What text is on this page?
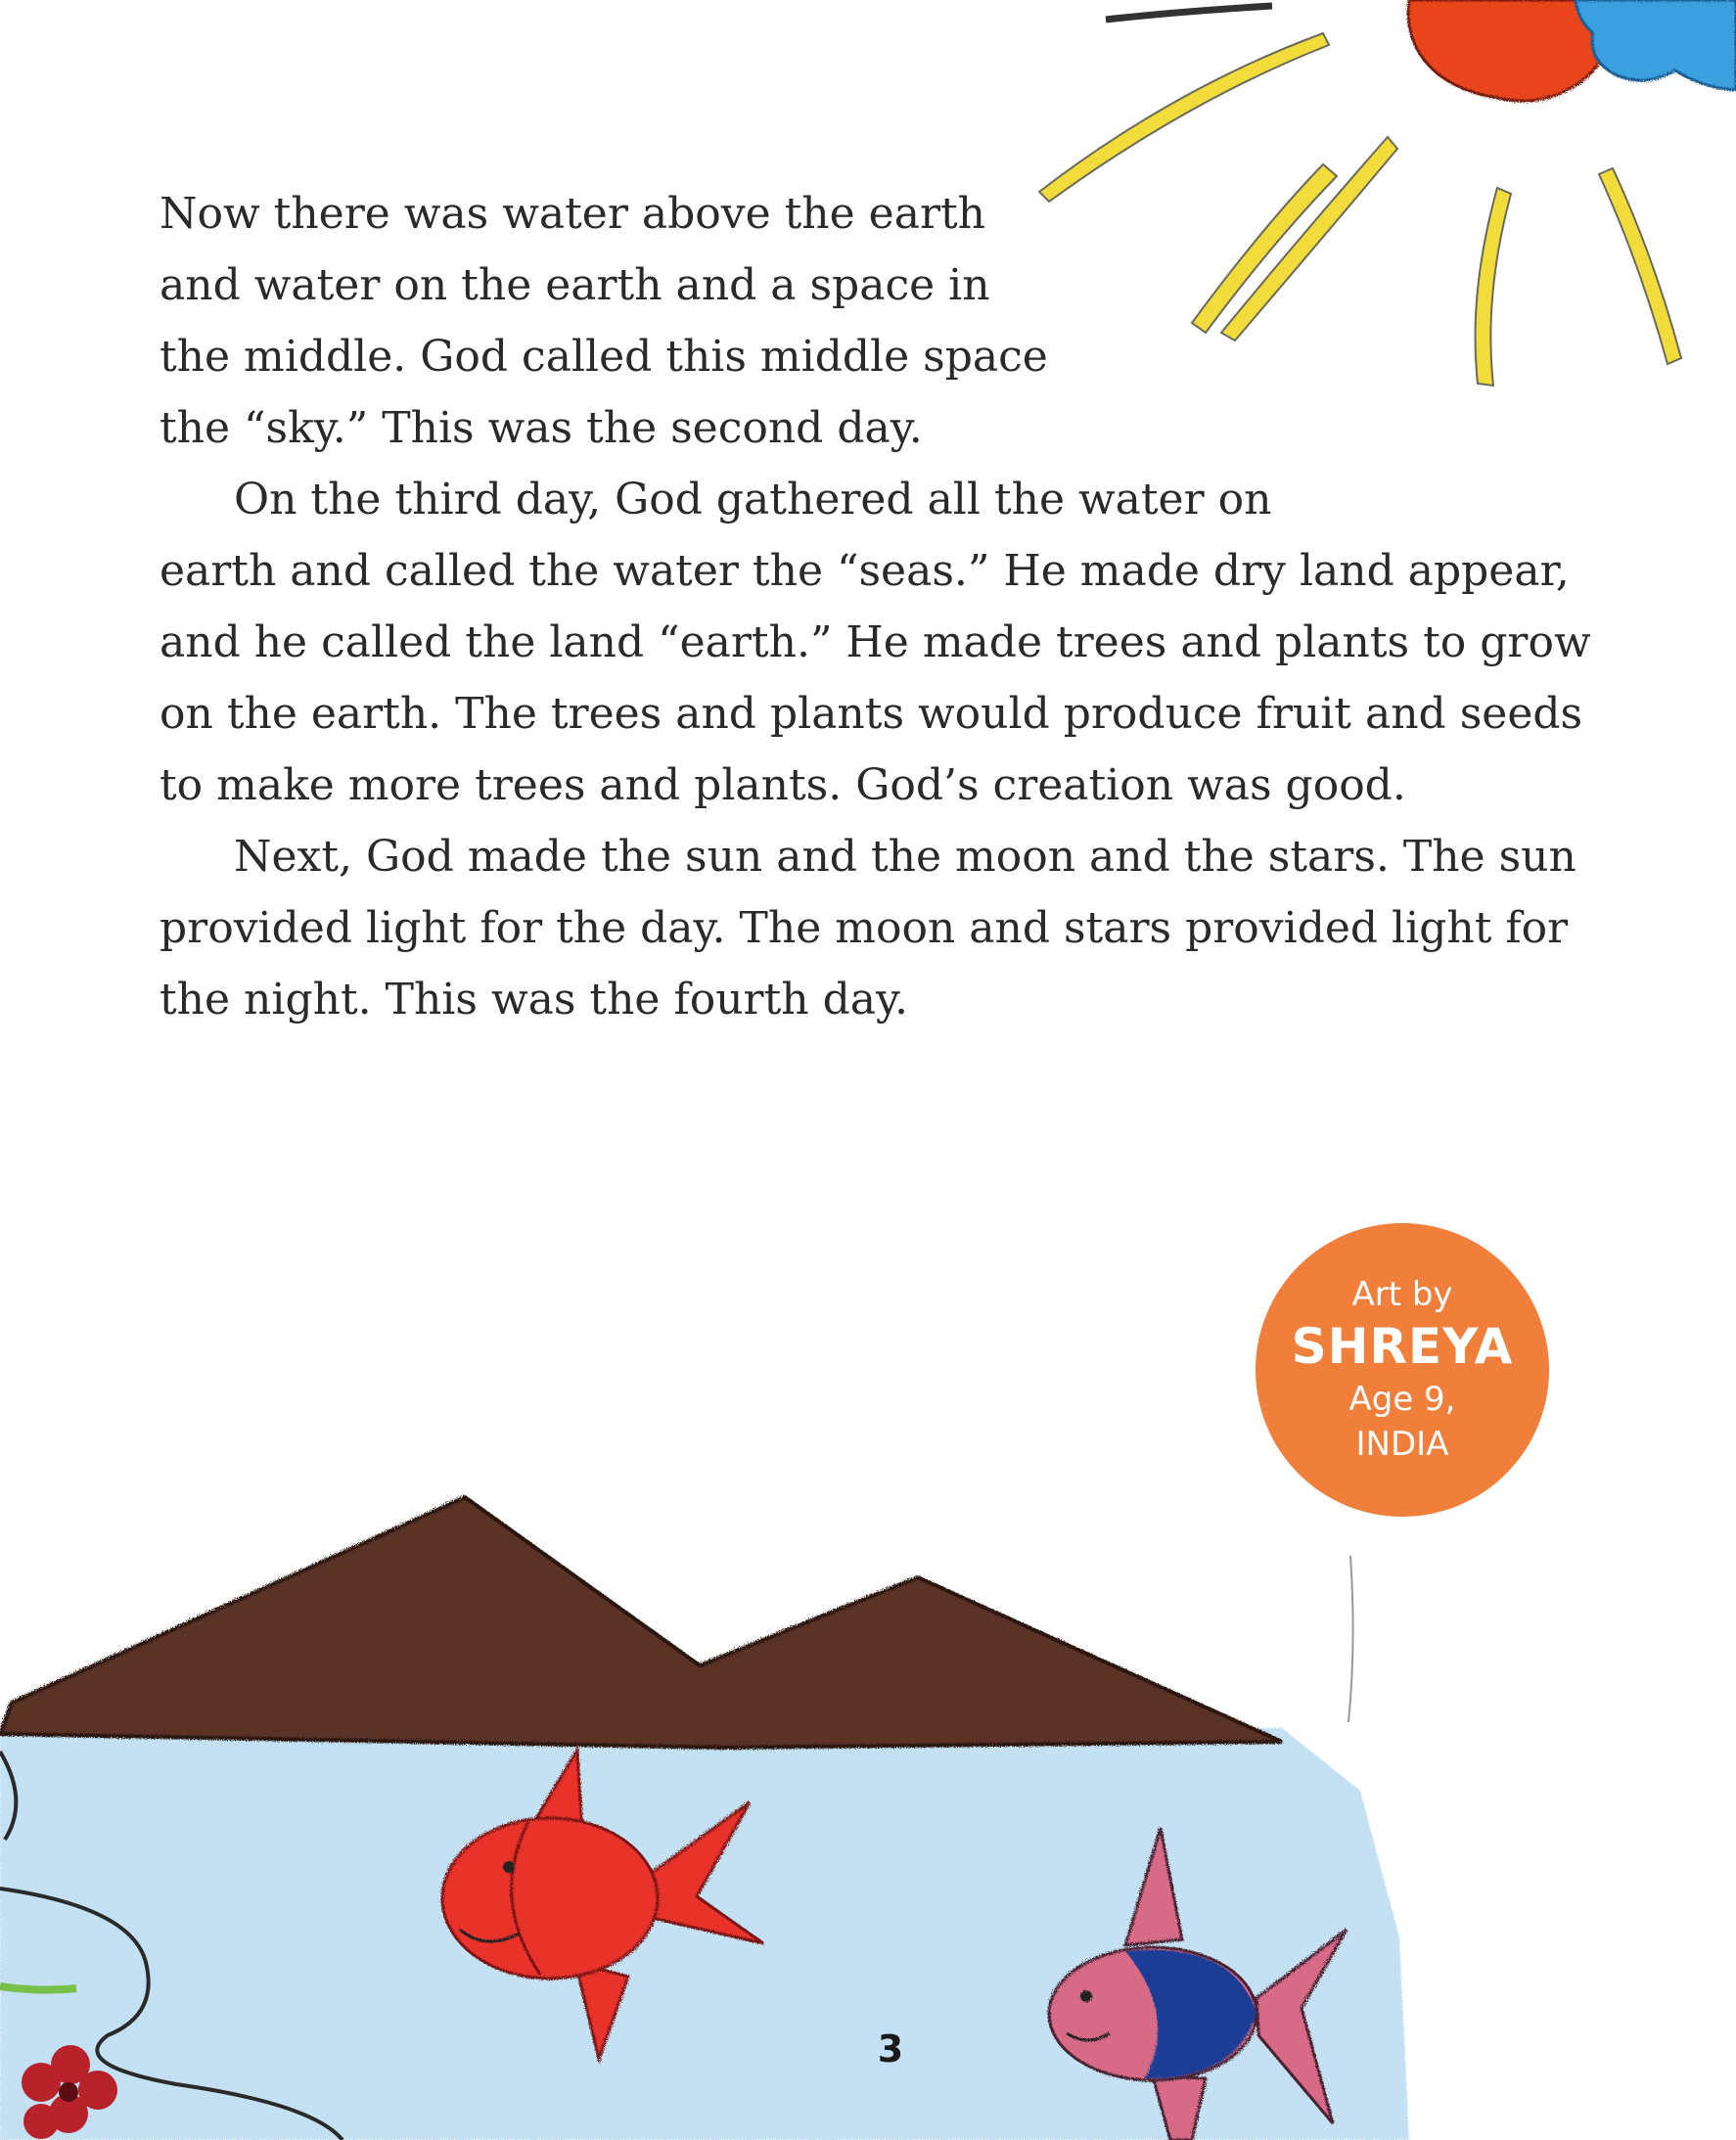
Now there was water above the earth
and water on the earth and a space in
the middle. God called this middle space
the “sky.” This was the second day.

On the third day, God gathered all the water on
earth and called the water the “seas.” He made dry land appear,
and he called the land “earth.” He made trees and plants to grow
on the earth. The trees and plants would produce fruit and seeds
to make more trees and plants. God’s creation was good.

Next, God made the sun and the moon and the stars. The sun
provided light for the day. The moon and stars provided light for
the night. This was the fourth day.

Art by
SHREYA
Age 9,
INDIA
3
